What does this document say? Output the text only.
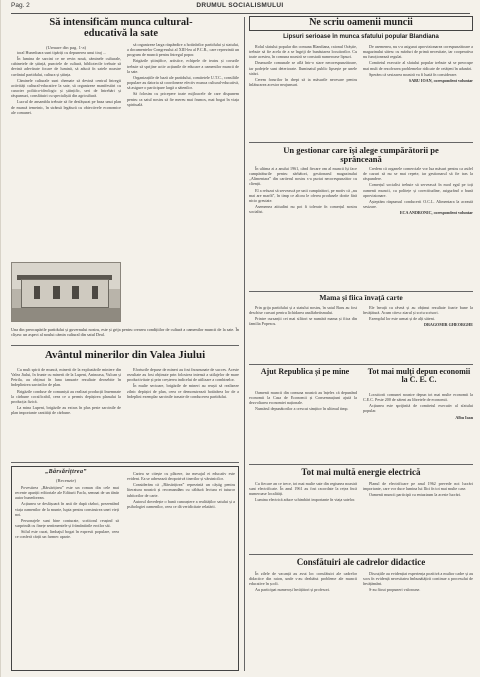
Pag. 2	DRUMUL SOCIALISMULUI
Să intensificăm munca cultural-educativă la sate
(Urmare din pag. 1-a)

toral Hunedoara sunt tipăriți cu depunerea unui tiraj ...

În lumina de sarcini ce ne revin nouă, căminele culturale, cabinetele de știință, punctele de cultură, bibliotecile trebuie să devină adevărate focare de lumină, să aducă în satele noastre cuvântul partidului, cultura și știința.

Căminele culturale sunt chemate să devină centrul întregii activități cultural-educative la sate, să organizeze manifestări cu caracter politico-ideologic și științific, seri de întrebări și răspunsuri, consfătuiri cu specialiștii din agricultură.

Lucrul de ansamblu trebuie să fie desfășurat pe baza unui plan de muncă temeinic, în strânsă legătură cu obiectivele economice ale comunei.

să organizeze larga răspândire a hotărârilor partidului și statului, a documentelor Congresului al XIII-lea al P.C.R., care reprezintă un program de muncă pentru întregul popor.

Brigăzile științifice, artistice, echipele de teatru și corurile trebuie să sprijine activ acțiunile de educare a oamenilor muncii de la sate.

Organizațiile de bază ale partidului, comitetele U.T.C., consiliile populare au datoria să coordoneze efectiv munca cultural-educativă, să asigure o participare largă a sătenilor.

Să folosim cu pricepere toate mijloacele de care dispunem pentru ca satul nostru să fie mereu mai frumos, mai bogat în viața spirituală.

Una din preocupările partidului și guvernului nostru, este și grija pentru crearea condițiilor de cultură a oamenilor muncii de la sate. În clișeu: un aspect al noului cămin cultural din satul Deal.
Avântul minerilor din Valea Jiului

Cu mult spirit de muncă, minerii de la exploatările miniere din Valea Jiului, în frunte cu minerii de la Lupeni, Aninoasa, Vulcan și Petrila, au obținut în luna ianuarie rezultate deosebite în îndeplinirea sarcinilor de plan.

Brigăzile conduse de comuniști au realizat producții însemnate la cărbune cocsificabil, ceea ce a permis depășirea planului la producția fizică.

La mina Lupeni, brigăzile au extras în plus peste sarcinile de plan importante cantități de cărbune.

Eforturile depuse de mineri au fost încununate de succes. Aceste rezultate au fost obținute prin folosirea intensă a utilajelor de mare productivitate și prin creșterea indicelui de utilizare a combinelor.

În multe sectoare, brigăzile de mineri au reușit să realizeze zilnic depășiri de plan, ceea ce demonstrează hotărârea lor de a îndeplini exemplar sarcinile trasate de conducerea partidului.

„Bârsărițtrea”
(Recenzie)

Povestirea „Bârsărițtrea” este un roman din cele mai recente apariții editoriale ale Editurii Facla, semnat de un tânăr autor hunedorean.

Acțiunea se desfășoară în anii de după război, prezentând viața oamenilor de la munte, lupta pentru construirea unei vieți noi.

Personajele sunt bine conturate, scriitorul reușind să surprindă cu finețe sentimentele și frământările eroilor săi.

Stilul este curat, limbajul bogat în expresii populare, ceea ce conferă cărții un farmec aparte.

Cartea se citește cu plăcere, iar mesajul ei educativ este evident. Ea se adresează deopotrivă tinerilor și vârstnicilor.

Considerăm că „Bârsărițtrea” reprezintă un câștig pentru literatura noastră și recomandăm cu căldură lectura ei tuturor iubitorilor de carte.

Autorul dovedește o bună cunoaștere a realităților satului și a psihologiei oamenilor, ceea ce dă veridicitate relatării.

Ne scriu oamenii muncii
Lipsuri serioase în munca sfatului popular Blandiana

Rolul sfatului popular din comuna Blandiana, raionul Orăștie, trebuie să fie acela de a se îngriji de bunăstarea locuitorilor. Cu toate acestea, în comuna noastră se constată numeroase lipsuri.

Drumurile comunale se află într-o stare necorespunzătoare, iar podețele sunt deteriorate. Iluminatul public lipsește pe unele străzi.

Cerem forurilor în drept să ia măsurile necesare pentru înlăturarea acestor neajunsuri.

De asemenea, nu s-a asigurat aprovizionarea corespunzătoare a magazinului sătesc cu mărfuri de primă necesitate, iar cooperativa nu funcționează regulat.

Comitetul executiv al sfatului popular trebuie să se preocupe mai mult de rezolvarea problemelor ridicate de cetățeni în adunări.

Sperăm că sesizarea noastră va fi luată în considerare.

SABU IOAN, corespondent voluntar

Un gestionar care își alege cumpărătorii pe sprânceană

În ultima zi a anului 1961, când fiecare om al muncii își face cumpărăturile pentru sărbători, gestionarul magazinului „Alimentara” din cartierul nostru s-a purtat necorespunzător cu clienții.

El a refuzat să servească pe unii cumpărători, pe motiv că „nu mai are marfă”, în timp ce altora le oferea produsele dorite fără nicio greutate.

Asemenea atitudini nu pot fi tolerate în comerțul nostru socialist.

Credem că organele comerciale vor lua măsuri pentru ca astfel de cazuri să nu se mai repete, iar gestionarul să fie tras la răspundere.

Comerțul socialist trebuie să servească în mod egal pe toți oamenii muncii, cu politețe și corectitudine, asigurând o bună aprovizionare.

Așteptăm răspunsul conducerii O.C.L. Alimentara la această sesizare.

ECA ANDRONIC, corespondent voluntar

Mama și fiica învață carte

Prin grija partidului și a statului nostru, în satul Baru au fost deschise cursuri pentru lichidarea analfabetismului.

Printre cursanții cei mai silitori se numără mama și fiica din familia Popescu.

Ele învață cu râvnă și au obținut rezultate foarte bune la învățătură. Acum citesc ziarul și scriu scrisori.

Exemplul lor este urmat și de alți săteni.

DRAGOMIR GHEORGHE

Ajut Republica și pe mine

Oamenii muncii din comuna noastră au înțeles că depunând economii la Casa de Economii și Consemnațiuni ajută la dezvoltarea economiei naționale.

Numărul depunătorilor a crescut simțitor în ultimul timp.

Tot mai mulți depun economii la C. E. C.

Locuitorii comunei noastre depun tot mai multe economii la C.E.C. Peste 200 de săteni au libretele de economii.

Acțiunea este sprijinită de comitetul executiv al sfatului popular.

Albu Ioan

Tot mai multă energie electrică

Cu fiecare an ce trece, tot mai multe sate din regiunea noastră sunt electrificate. În anul 1961 au fost racordate la rețea încă numeroase localități.

Lumina electrică aduce schimbări importante în viața satelor.

Planul de electrificare pe anul 1962 prevede noi lucrări importante, care vor duce lumina lui Ilici în tot mai multe case.

Oamenii muncii participă cu entuziasm la aceste lucrări.

Consfătuiri ale cadrelor didactice

În zilele de vacanță au avut loc consfătuiri ale cadrelor didactice din raion, unde s-au dezbătut probleme ale muncii educative în școli.

Au participat numeroși învățători și profesori.

Discuțiile au evidențiat experiența pozitivă a multor cadre și au scos în evidență necesitatea îmbunătățirii continue a procesului de învățământ.

S-au făcut propuneri valoroase.
